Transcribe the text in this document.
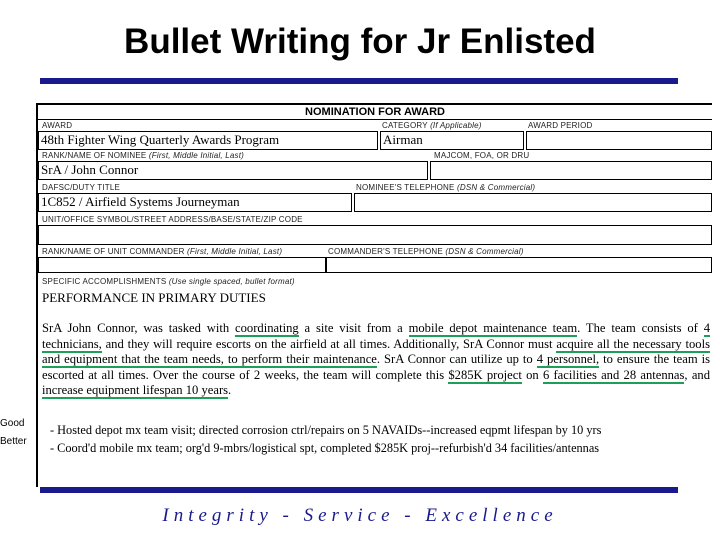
Bullet Writing for Jr Enlisted
NOMINATION FOR AWARD
AWARD	CATEGORY (If Applicable)	AWARD PERIOD
48th Fighter Wing Quarterly Awards Program	Airman
RANK/NAME OF NOMINEE (First, Middle Initial, Last)	MAJCOM, FOA, OR DRU
SrA / John Connor
DAFSC/DUTY TITLE	NOMINEE'S TELEPHONE (DSN & Commercial)
1C852 / Airfield Systems Journeyman
UNIT/OFFICE SYMBOL/STREET ADDRESS/BASE/STATE/ZIP CODE
RANK/NAME OF UNIT COMMANDER (First, Middle Initial, Last)	COMMANDER'S TELEPHONE (DSN & Commercial)
SPECIFIC ACCOMPLISHMENTS (Use single spaced, bullet format)
PERFORMANCE IN PRIMARY DUTIES
SrA John Connor, was tasked with coordinating a site visit from a mobile depot maintenance team. The team consists of 4 technicians, and they will require escorts on the airfield at all times. Additionally, SrA Connor must acquire all the necessary tools and equipment that the team needs, to perform their maintenance. SrA Connor can utilize up to 4 personnel, to ensure the team is escorted at all times. Over the course of 2 weeks, the team will complete this $285K project on 6 facilities and 28 antennas, and increase equipment lifespan 10 years.
- Hosted depot mx team visit; directed corrosion ctrl/repairs on 5 NAVAIDs--increased eqpmt lifespan by 10 yrs
- Coord'd mobile mx team; org'd 9-mbrs/logistical spt, completed $285K proj--refurbish'd 34 facilities/antennas
Good
Better
Integrity - Service - Excellence
